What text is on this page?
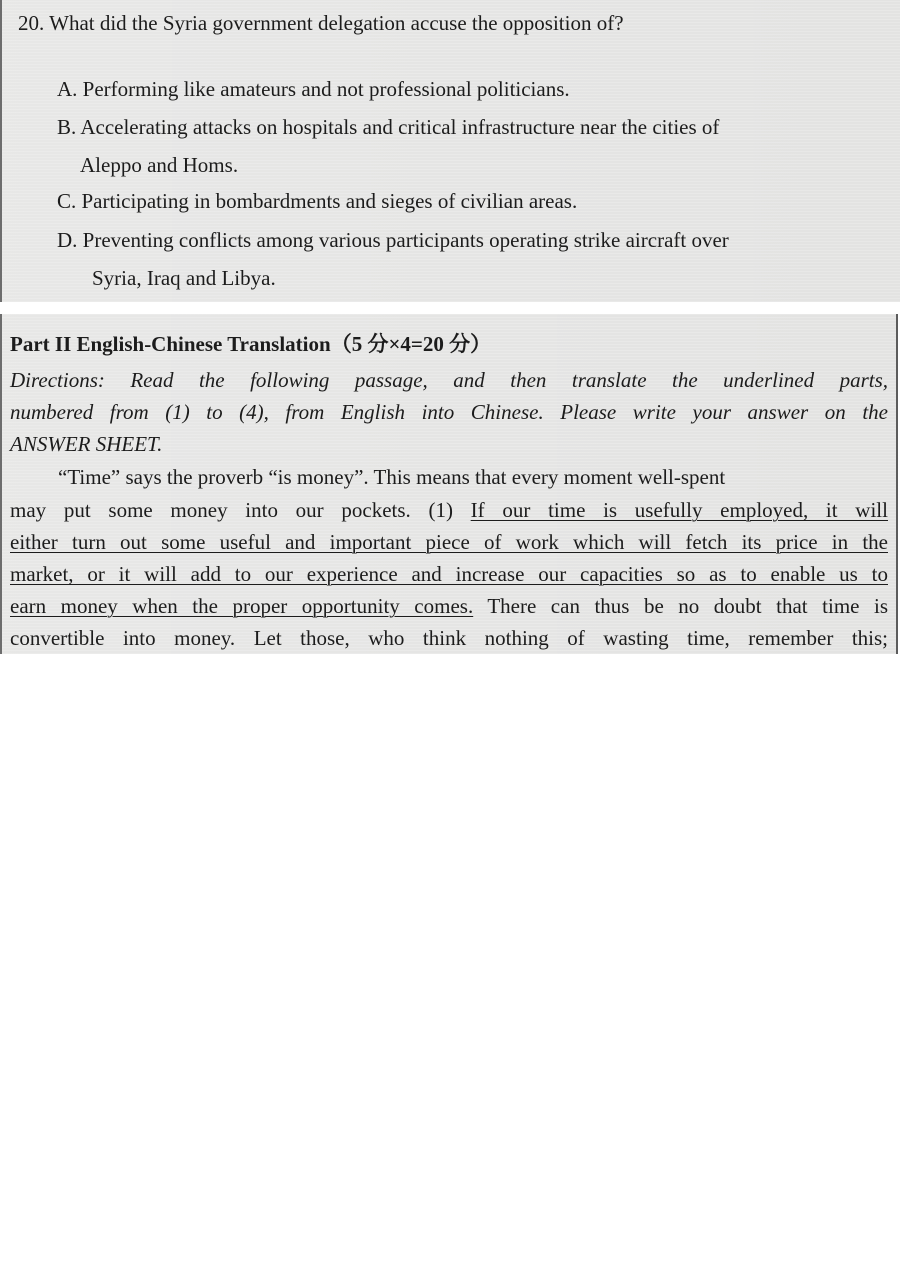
20. What did the Syria government delegation accuse the opposition of?
A. Performing like amateurs and not professional politicians.
B. Accelerating attacks on hospitals and critical infrastructure near the cities of
Aleppo and Homs.
C. Participating in bombardments and sieges of civilian areas.
D. Preventing conflicts among various participants operating strike aircraft over
Syria, Iraq and Libya.
Part II English-Chinese Translation（5 分×4=20 分）
Directions: Read the following passage, and then translate the underlined parts,
numbered from (1) to (4), from English into Chinese. Please write your answer on the
ANSWER SHEET.
“Time” says the proverb “is money”. This means that every moment well-spent
may put some money into our pockets. (1) If our time is usefully employed, it will
either turn out some useful and important piece of work which will fetch its price in the
market, or it will add to our experience and increase our capacities so as to enable us to
earn money when the proper opportunity comes. There can thus be no doubt that time is
convertible into money. Let those, who think nothing of wasting time, remember this;
